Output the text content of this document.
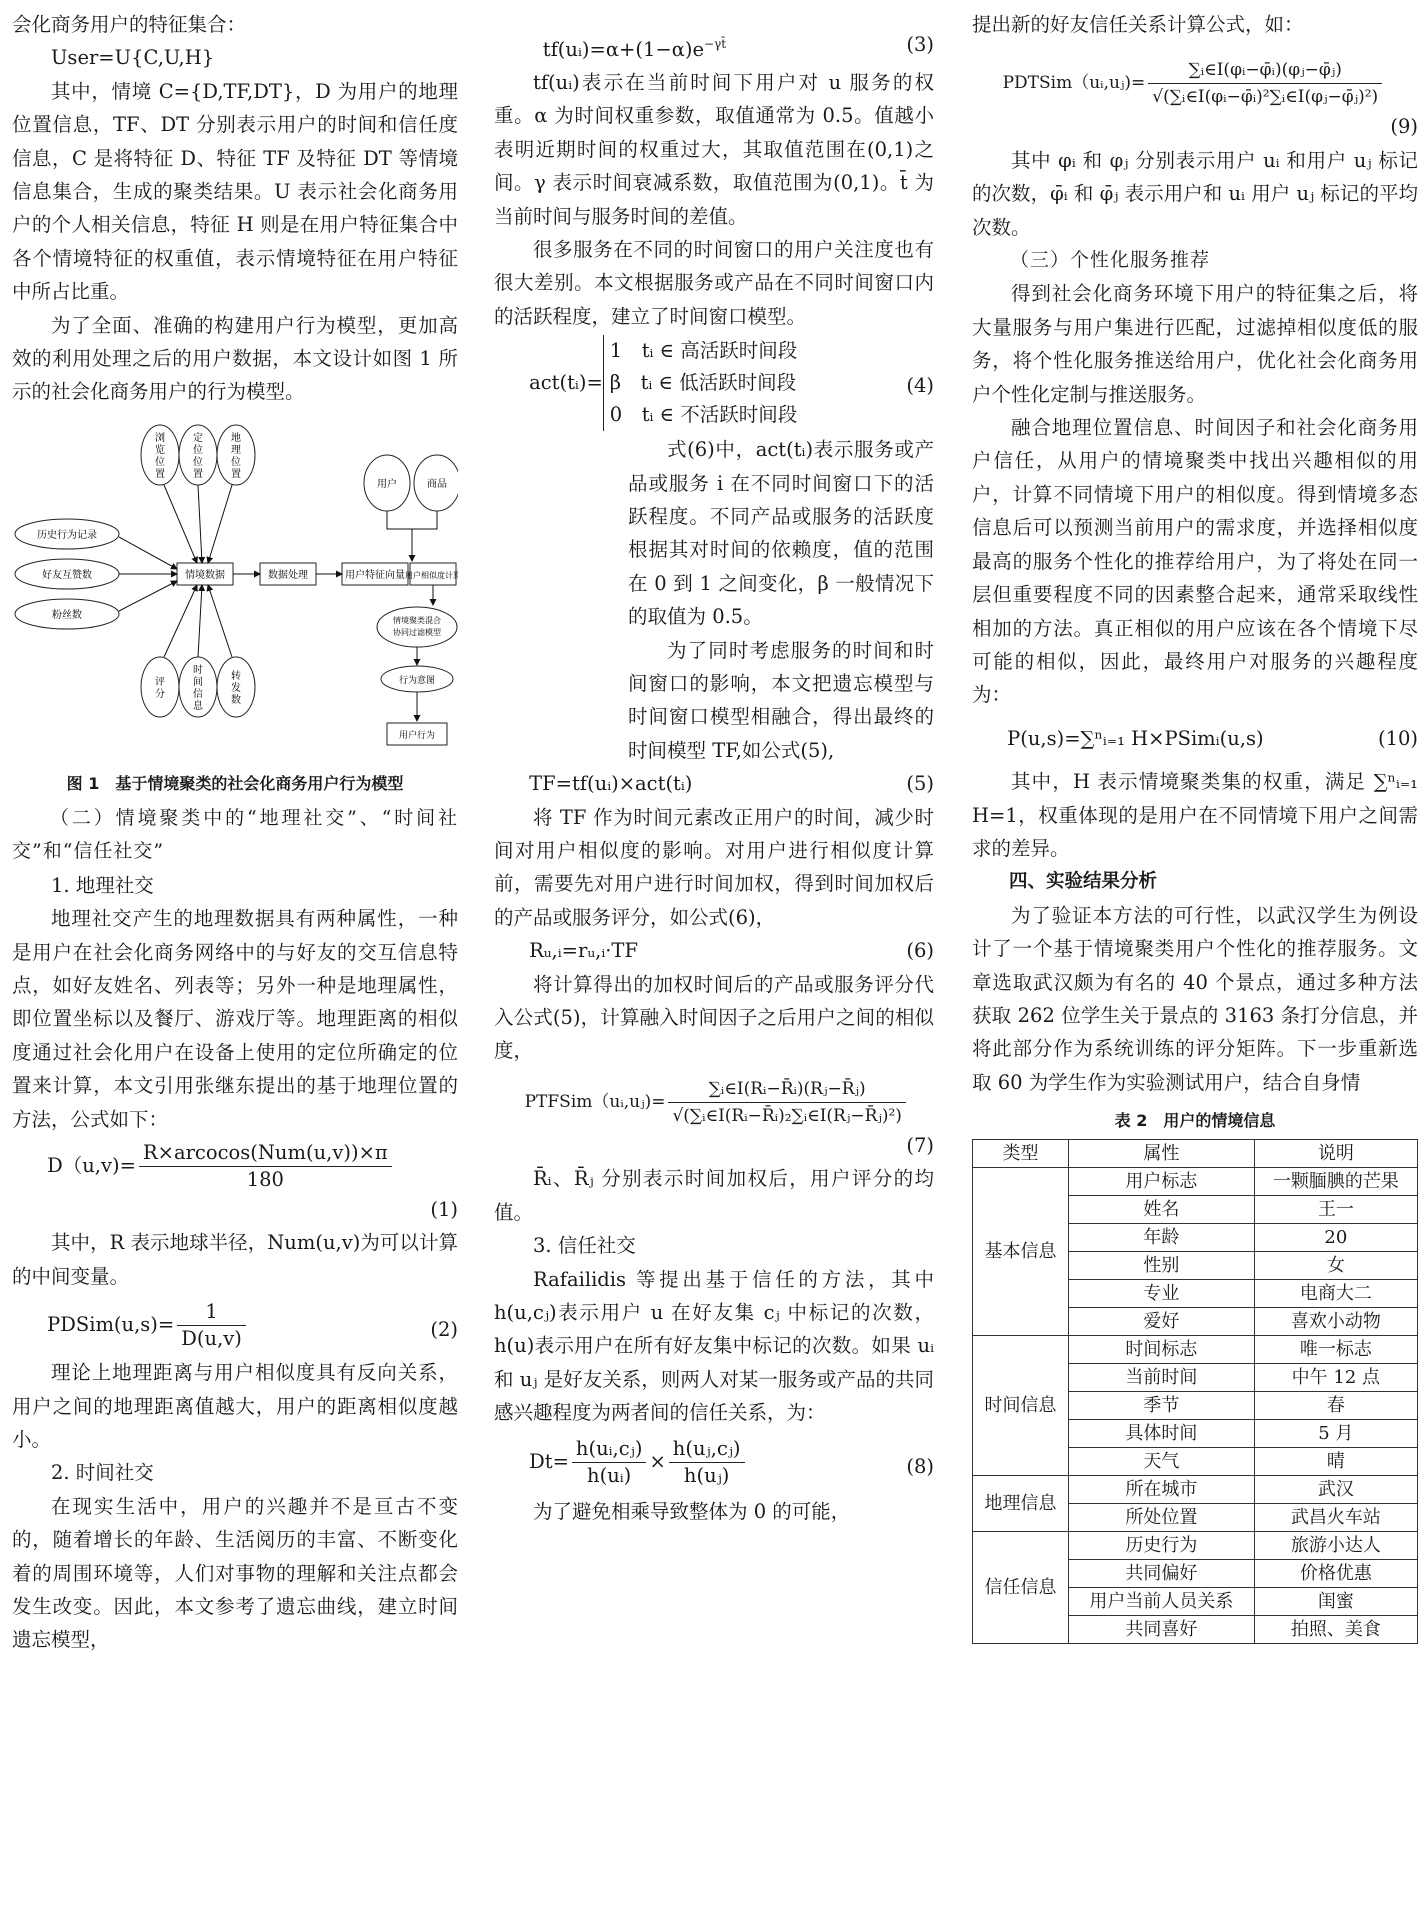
会化商务用户的特征集合：

User=U{C,U,H}

其中，情境 C={D,TF,DT}，D 为用户的地理位置信息，TF、DT 分别表示用户的时间和信任度信息，C 是将特征 D、特征 TF 及特征 DT 等情境信息集合，生成的聚类结果。U 表示社会化商务用户的个人相关信息，特征 H 则是在用户特征集合中各个情境特征的权重值，表示情境特征在用户特征中所占比重。

为了全面、准确的构建用户行为模型，更加高效的利用处理之后的用户数据，本文设计如图 1 所示的社会化商务用户的行为模型。

浏览位置
定位位置
地理位置
历史行为记录
好友互赞数
粉丝数
情境数据	数据处理	用户特征向量
评分
时间信息
转发数
用户	商品
用户相似度计算
情境聚类混合
协同过滤模型
行为意图
用户行为
图 1　基于情境聚类的社会化商务用户行为模型

（二）情境聚类中的“地理社交”、“时间社交”和“信任社交”

1. 地理社交

地理社交产生的地理数据具有两种属性，一种是用户在社会化商务网络中的与好友的交互信息特点，如好友姓名、列表等；另外一种是地理属性，即位置坐标以及餐厅、游戏厅等。地理距离的相似度通过社会化用户在设备上使用的定位所确定的位置来计算，本文引用张继东提出的基于地理位置的方法，公式如下：

$D(u,v)= \frac{\text{R×arcocos(Num(u,v))×π}}{180}$
(1)

其中，R 表示地球半径，Num(u,v)为可以计算的中间变量。

PDSim(u,s)= $\frac{1}{D(u,v)}$	(2)

理论上地理距离与用户相似度具有反向关系，用户之间的地理距离值越大，用户的距离相似度越小。

2. 时间社交

在现实生活中，用户的兴趣并不是亘古不变的，随着增长的年龄、生活阅历的丰富、不断变化着的周围环境等，人们对事物的理解和关注点都会发生改变。因此，本文参考了遗忘曲线，建立时间遗忘模型，

$tf(uᵢ)=\alpha+(1-\alpha)e^{-\gamma t̄}$	(3)

tf(uᵢ)表示在当前时间下用户对 u 服务的权重。α 为时间权重参数，取值通常为 0.5。值越小表明近期时间的权重过大，其取值范围在(0,1)之间。γ 表示时间衰减系数，取值范围为(0,1)。t̄ 为当前时间与服务时间的差值。

很多服务在不同的时间窗口的用户关注度也有很大差别。本文根据服务或产品在不同时间窗口内的活跃程度，建立了时间窗口模型。

act(tᵢ)=
1　tᵢ ∈ 高活跃时间段
β　tᵢ ∈ 低活跃时间段
0　tᵢ ∈ 不活跃时间段
(4)

式(6)中，act(tᵢ)表示服务或产品或服务 i 在不同时间窗口下的活跃程度。不同产品或服务的活跃度根据其对时间的依赖度，值的范围在 0 到 1 之间变化，β 一般情况下的取值为 0.5。

为了同时考虑服务的时间和时间窗口的影响，本文把遗忘模型与时间窗口模型相融合，得出最终的时间模型 TF,如公式(5),

TF=tf(uᵢ)×act(tᵢ)	(5)

将 TF 作为时间元素改正用户的时间，减少时间对用户相似度的影响。对用户进行相似度计算前，需要先对用户进行时间加权，得到时间加权后的产品或服务评分，如公式(6)，

Rᵤ,ᵢ=rᵤ,ᵢ·TF	(6)

将计算得出的加权时间后的产品或服务评分代入公式(5)，计算融入时间因子之后用户之间的相似度，

PTFSim（uᵢ,uⱼ)= $\frac{\text{∑ᵢ∈I(Rᵢ−R̄ᵢ)(Rⱼ−R̄ⱼ)}}{\text{√(∑ᵢ∈I(Rᵢ−R̄ᵢ)₂∑ᵢ∈I(Rⱼ−R̄ⱼ)²)}}$
(7)

R̄ᵢ、R̄ⱼ 分别表示时间加权后，用户评分的均值。

3. 信任社交

Rafailidis 等提出基于信任的方法，其中 h(u,cⱼ)表示用户 u 在好友集 cⱼ 中标记的次数，h(u)表示用户在所有好友集中标记的次数。如果 uᵢ 和 uⱼ 是好友关系，则两人对某一服务或产品的共同感兴趣程度为两者间的信任关系，为：

$Dt= \frac{\text{h(uᵢ,cⱼ)}}{\text{h(uᵢ)}} \times \frac{\text{h(uⱼ,cⱼ)}}{\text{h(uⱼ)}}$	(8)

为了避免相乘导致整体为 0 的可能，

提出新的好友信任关系计算公式，如：

PDTSim（uᵢ,uⱼ)= $\frac{\text{∑ᵢ∈I(φᵢ−φ̄ᵢ)(φⱼ−φ̄ⱼ)}}{\text{√(∑ᵢ∈I(φᵢ−φ̄ᵢ)²∑ᵢ∈I(φⱼ−φ̄ⱼ)²)}}$
(9)

其中 φᵢ 和 φⱼ 分别表示用户 uᵢ 和用户 uⱼ 标记的次数，φ̄ᵢ 和 φ̄ⱼ 表示用户和 uᵢ 用户 uⱼ 标记的平均次数。

（三）个性化服务推荐

得到社会化商务环境下用户的特征集之后，将大量服务与用户集进行匹配，过滤掉相似度低的服务，将个性化服务推送给用户，优化社会化商务用户个性化定制与推送服务。

融合地理位置信息、时间因子和社会化商务用户信任，从用户的情境聚类中找出兴趣相似的用户，计算不同情境下用户的相似度。得到情境多态信息后可以预测当前用户的需求度，并选择相似度最高的服务个性化的推荐给用户，为了将处在同一层但重要程度不同的因素整合起来，通常采取线性相加的方法。真正相似的用户应该在各个情境下尽可能的相似，因此，最终用户对服务的兴趣程度为：

P(u,s)=∑ⁿᵢ₌₁ H×PSimᵢ(u,s)	(10)

其中，H 表示情境聚类集的权重，满足 ∑ⁿᵢ₌₁ H=1，权重体现的是用户在不同情境下用户之间需求的差异。

四、实验结果分析

为了验证本方法的可行性，以武汉学生为例设计了一个基于情境聚类用户个性化的推荐服务。文章选取武汉颇为有名的 40 个景点，通过多种方法获取 262 位学生关于景点的 3163 条打分信息，并将此部分作为系统训练的评分矩阵。下一步重新选取 60 为学生作为实验测试用户，结合自身情

表 2　用户的情境信息
类型	属性	说明
基本信息	用户标志	一颗腼腆的芒果
	姓名	王一
	年龄	20
	性别	女
	专业	电商大二
	爱好	喜欢小动物
时间信息	时间标志	唯一标志
	当前时间	中午 12 点
	季节	春
	具体时间	5 月
	天气	晴
地理信息	所在城市	武汉
	所处位置	武昌火车站
信任信息	历史行为	旅游小达人
	共同偏好	价格优惠
	用户当前人员关系	闺蜜
	共同喜好	拍照、美食
